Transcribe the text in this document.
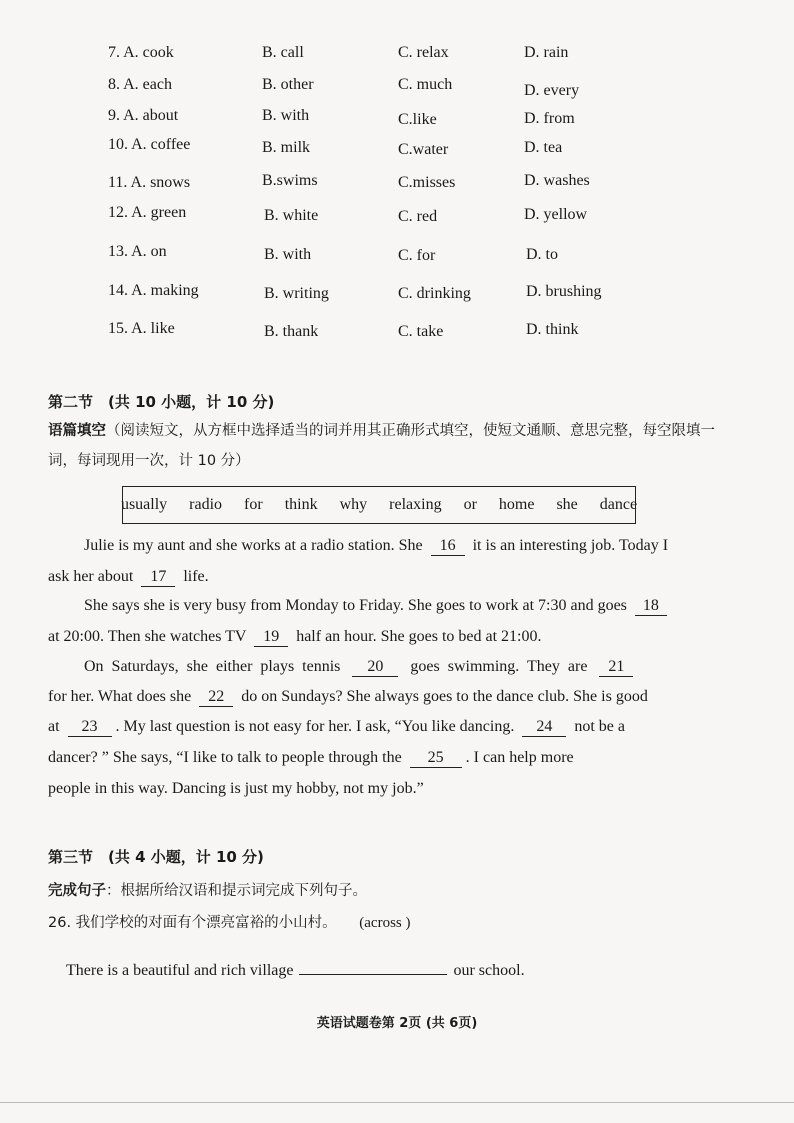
7. A. cook	B. call	C. relax	D. rain
8. A. each	B. other	C. much	D. every
9. A. about	B. with	C.like	D. from
10. A. coffee	B. milk	C.water	D. tea
11. A. snows	B.swims	C.misses	D. washes
12. A. green	B. white	C. red	D. yellow
13. A. on	B. with	C. for	D. to
14. A. making	B. writing	C. drinking	D. brushing
15. A. like	B. thank	C. take	D. think
第二节　(共 10 小题，计 10 分)
语篇填空（阅读短文，从方框中选择适当的词并用其正确形式填空，使短文通顺、意思完整，每空限填一词，每词现用一次，计 10 分）
usually radio for think why relaxing or home she dance
Julie is my aunt and she works at a radio station. She 16 it is an interesting job. Today I
ask her about 17 life.
She says she is very busy from Monday to Friday. She goes to work at 7:30 and goes 18
at 20:00. Then she watches TV 19 half an hour. She goes to bed at 21:00.
On Saturdays, she either plays tennis 20 goes swimming. They are 21
for her. What does she 22 do on Sundays? She always goes to the dance club. She is good
at 23 . My last question is not easy for her. I ask, “You like dancing. 24 not be a
dancer? ” She says, “I like to talk to people through the 25 . I can help more
people in this way. Dancing is just my hobby, not my job.”
第三节　(共 4 小题，计 10 分)
完成句子：根据所给汉语和提示词完成下列句子。
26. 我们学校的对面有个漂亮富裕的小山村。 (across )
There is a beautiful and rich village	our school.
英语试题卷第 2页 (共 6页)
